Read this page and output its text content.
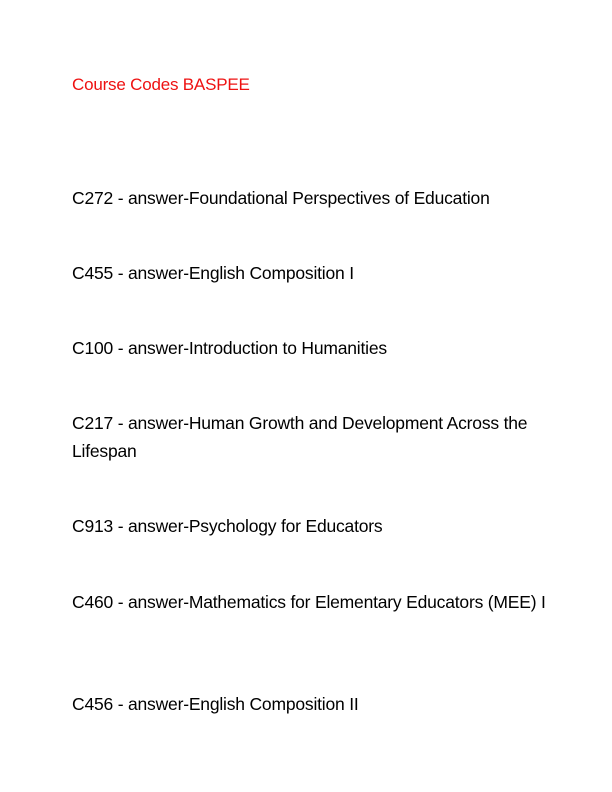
Course Codes BASPEE
C272 - answer-Foundational Perspectives of Education
C455 - answer-English Composition I
C100 - answer-Introduction to Humanities
C217 - answer-Human Growth and Development Across the Lifespan
C913 - answer-Psychology for Educators
C460 - answer-Mathematics for Elementary Educators (MEE) I
C456 - answer-English Composition II
